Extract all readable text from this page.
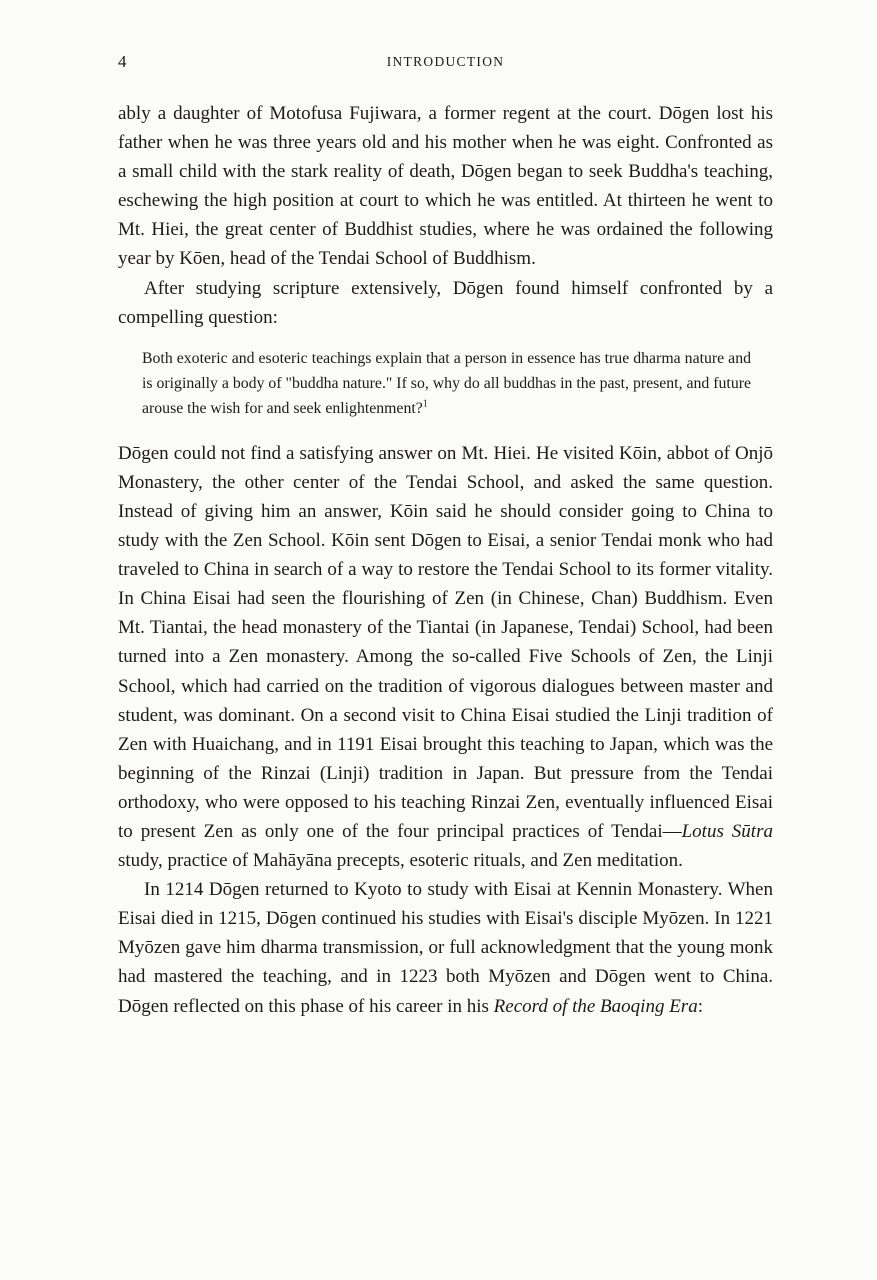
4	INTRODUCTION

ably a daughter of Motofusa Fujiwara, a former regent at the court. Dōgen lost his father when he was three years old and his mother when he was eight. Confronted as a small child with the stark reality of death, Dōgen began to seek Buddha's teaching, eschewing the high position at court to which he was entitled. At thirteen he went to Mt. Hiei, the great center of Buddhist studies, where he was ordained the following year by Kōen, head of the Tendai School of Buddhism.

After studying scripture extensively, Dōgen found himself confronted by a compelling question:

Both exoteric and esoteric teachings explain that a person in essence has true dharma nature and is originally a body of "buddha nature." If so, why do all buddhas in the past, present, and future arouse the wish for and seek enlightenment?$^1$

Dōgen could not find a satisfying answer on Mt. Hiei. He visited Kōin, abbot of Onjō Monastery, the other center of the Tendai School, and asked the same question. Instead of giving him an answer, Kōin said he should consider going to China to study with the Zen School. Kōin sent Dōgen to Eisai, a senior Tendai monk who had traveled to China in search of a way to restore the Tendai School to its former vitality. In China Eisai had seen the flourishing of Zen (in Chinese, Chan) Buddhism. Even Mt. Tiantai, the head monastery of the Tiantai (in Japanese, Tendai) School, had been turned into a Zen monastery. Among the so-called Five Schools of Zen, the Linji School, which had carried on the tradition of vigorous dialogues between master and student, was dominant. On a second visit to China Eisai studied the Linji tradition of Zen with Huaichang, and in 1191 Eisai brought this teaching to Japan, which was the beginning of the Rinzai (Linji) tradition in Japan. But pressure from the Tendai orthodoxy, who were opposed to his teaching Rinzai Zen, eventually influenced Eisai to present Zen as only one of the four principal practices of Tendai—Lotus Sūtra study, practice of Mahāyāna precepts, esoteric rituals, and Zen meditation.

In 1214 Dōgen returned to Kyoto to study with Eisai at Kennin Monastery. When Eisai died in 1215, Dōgen continued his studies with Eisai's disciple Myōzen. In 1221 Myōzen gave him dharma transmission, or full acknowledgment that the young monk had mastered the teaching, and in 1223 both Myōzen and Dōgen went to China. Dōgen reflected on this phase of his career in his Record of the Baoqing Era:
